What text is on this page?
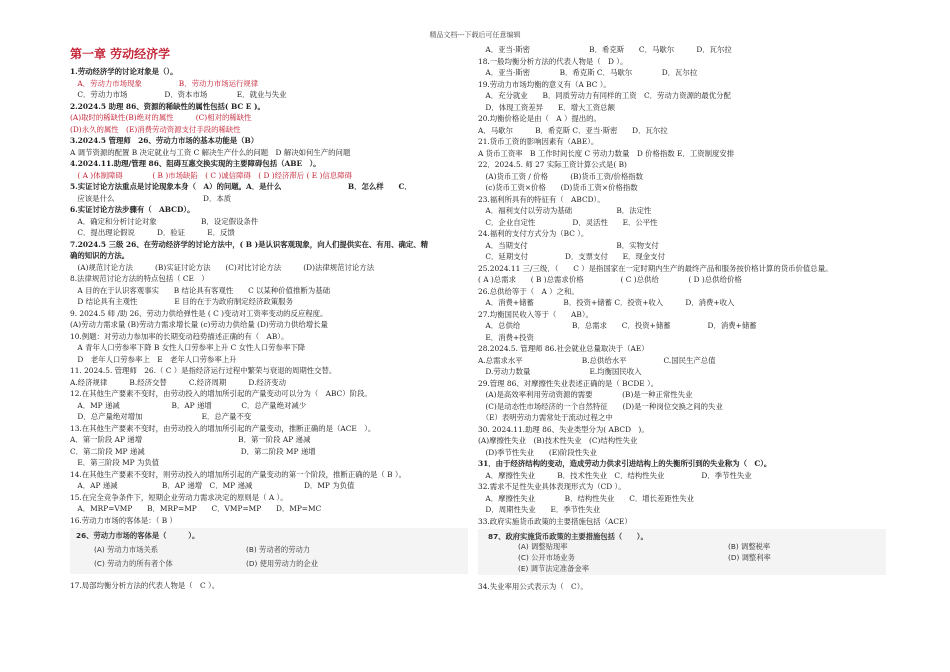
精品文档---下载后可任意编辑
第一章 劳动经济学
1.劳动经济学的讨论对象是（）。
　A．劳动力市场现象　　　　　B．劳动力市场运行规律
　C．劳动力市场　　　　　D．资本市场　　　　E．就业与失业
2.2024.5 助理 86、资源的稀缺性的属性包括( BC E )。
(A)取时的稀缺性(B)绝对的属性　　　(C)相对的稀缺性
(D)永久的属性　(E)消费劳动资源支付手段的稀缺性
3.2024.5 管理师　26、劳动力市场的基本功能是（B）
A 调节资源的配置 B 决定就业与工资 C 解决生产什么的问题　D 解决如何生产的问题
4.2024.11.助理/管理 86、阻碍互惠交换实现的主要障碍包括（ABE　）。
　( A )体制障碍　　　　( B )市场缺陷　( C )诚信障碍　( D )经济滞后 ( E )信息障碍
5.实证讨论方法重点是讨论现象本身（　A）的问题。A．是什么　　　　　　　　　B．怎么样　　C．
　应该是什么　　　　　　　　　　　　D．本质
6.实证讨论方法步骤有（　ABCD）。
　A．确定和分析讨论对象　　　　　　B．设定假设条件
　C．提出理论假说　　　D．验证　　　E．反馈
7.2024.5 三级 26、在劳动经济学的讨论方法中，( B )是认识客观现象，向人们提供实在、有用、确定、精
确的知识的方法。
　(A)规范讨论方法　　　(B)实证讨论方法　　(C)对比讨论方法　　　(D)法律规范讨论方法
8.法律规范讨论方法的特点包括（ CE　）
　A 目的在于认识客观事实　　B 结论具有客观性　　C 以某种价值推断为基础
　D 结论具有主观性　　　　　E 目的在于为政府制定经济政策服务
9. 2024.5 师 /助 26、劳动力供给弹性是 ( C )变动对工资率变动的反应程度。
(A)劳动力需求量 (B)劳动力需求增长量 (c)劳动力供给量 (D)劳动力供给增长量
10.例题：对劳动力参加率的长期变动趋势描述正确的有（　AB）。
　A 青年人口劳参率下降 B 女性人口劳参率上升 C 女性人口劳参率下降
　D　老年人口劳参率上　E　老年人口劳参率上升
11. 2024.5. 管理师　26.（ C ）是指经济运行过程中繁荣与衰退的周期性交替。
A.经济规律　　　B.经济交替　　　C.经济周期　　　D.经济变动
12.在其他生产要素不变时，由劳动投入的增加所引起的产量变动可以分为（　ABC）阶段。
　A．MP 递减　　　　　　　B．AP 递增　　　　C．总产量绝对减少
　D．总产量绝对增加　　　　　　　　E．总产量不变
13.在其他生产要素不变时，由劳动投入的增加所引起的产量变动，推断正确的是（ACE　）。
A．第一阶段 AP 递增　　　　　　　　　　　　　B．第一阶段 AP 递减
C．第二阶段 MP 递减　　　　　　　　　　　　　D．第二阶段 MP 递增
　E．第三阶段 MP 为负值
14.在其他生产要素不变时，则劳动投入的增加所引起的产量变动的第一个阶段，推断正确的是（ B ）。
　A．AP 递减　　　　　　B．AP 递增　C．MP 递减　　　　　　　D．MP 为负值
15.在完全竞争条件下，短期企业劳动力需求决定的原则是（ A ）。
　A．MRP=VMP　　B．MRP=MP　　C．VMP=MP　　D．MP=MC
16.劳动力市场的客体是：（ B ）
26、劳动力市场的客体是（　　　）。
(A) 劳动力市场关系	(B) 劳动者的劳动力
(C) 劳动力的所有者个体	(D) 使用劳动力的企业
17.局部均衡分析方法的代表人物是（　C ）。
　A．亚当·斯密　　　　　　　　B．希克斯　　C．马歇尔　　　D．瓦尔拉
18.一般均衡分析方法的代表人物是（　D ）。
　A．亚当·斯密　　　　B．希克斯 C．马歇尔　　　　D．瓦尔拉
19.劳动力市场均衡的意义有（A BC ）。
　A．充分就业　　B．同质劳动力有同样的工资　C．劳动力资源的最优分配
　D．体现工资差异　　E．增大工资总额
20.均衡价格论是由（　A ）提出的。
A．马歇尔　　　B．希克斯 C．亚当·斯密　　D．瓦尔拉
21.货币工资的影响因素有（ABE）。
A 货币工资率　B 工作时间长度 C 劳动力数量　D 价格指数 E．工资制度安排
22．2024.5. 师 27 实际工资计算公式是( B)
　(A)货币工资 / 价格　　　(B)货币工资/价格指数
　(c)货币工资×价格　　(D)货币工资×价格指数
23.福利所具有的特征有（　ABCD）。
　A．福利支付以劳动为基础　　　　　　B．法定性
　C．企业自定性　　　　　D．灵活性　　E．公平性
24.福利的支付方式分为（BC ）。
　A．当期支付　　　　　　　　　　　　B．实物支付
　C．延期支付　　　　　D．支票支付　　E．现金支付
25.2024.11 三/三级．（　　C ）是指国家在一定时期内生产的最终产品和服务按价格计算的货币价值总量。
( A )总需求　　( B )总需求价格　　　　　( C )总供给　　　　( D )总供给价格
26.总供给等于（　A ）之和。
　A．消费+储蓄　　　　B．投资+储蓄 C．投资+收入　　　D．消费+收入
27.均衡国民收入等于（　　AB）。
　A．总供给　　　　　　　B．总需求　　C．投资+储蓄　　　　　D．消费+储蓄
　E．消费+投资
28.2024.5. 管理师 86.社会就业总量取决于（AE）
A.总需求水平　　　　　　　　B.总供给水平　　　　　C.国民生产总值
　D.劳动力数量　　　　　　　　E.均衡国民收入
29.管理 86、对摩擦性失业表述正确的是（ BCDE ）。
　(A)是高效率利用劳动资源的需要　　　　(B)是一种正常性失业
　(C)是动态性市场经济的一个自然特征　　(D)是一种岗位交换之间的失业
　（E）表明劳动力需常处于流动过程之中
30. 2024.11.助理 86、失业类型分为( ABCD　)。
(A)摩擦性失业　(B)技术性失业　(C)结构性失业
　(D)季节性失业　　(E)阶段性失业
31．由于经济结构的变动，造成劳动力供求引进结构上的失衡所引到的失业称为（　C）。
　A．摩擦性失业　　　B．技术性失业　C．结构性失业　　　　　D．季节性失业
32.需求不足性失业具体表现形式为（CD ）。
　A．摩擦性失业　　　　B．结构性失业　　C．增长差距性失业
　D．周期性失业　　E．季节性失业
33.政府实施货币政策的主要措施包括（ACE）
87、政府实施货币政策的主要措施包括（　　）。
(A) 调整贴现率	(B) 调整税率
(C) 公开市场业务	(D) 调整利率
(E) 调节法定准备金率
34.失业率用公式表示为（　C）。
